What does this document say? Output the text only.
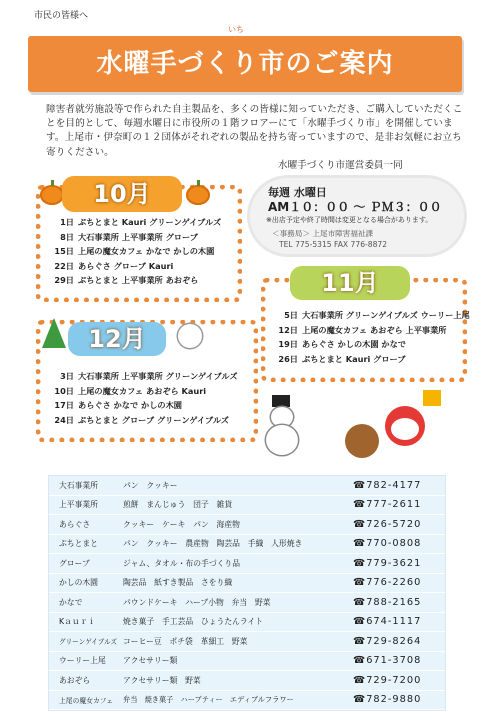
市民の皆様へ
いち
水曜手づくり市のご案内
障害者就労施設等で作られた自主製品を、多くの皆様に知っていただき、ご購入していただくことを目的として、毎週水曜日に市役所の１階フロアーにて「水曜手づくり市」を開催しています。上尾市・伊奈町の１２団体がそれぞれの製品を持ち寄っていますので、是非お気軽にお立ち寄りください。
水曜手づくり市運営委員一同
毎週 水曜日
AM１０：００ ～ ＰＭ３：００
※出店予定や終了時間は変更となる場合があります。
＜事務局＞ 上尾市障害福祉課
TEL 775-5315 FAX 776-8872
10月
1日 ぷちとまと Kauri グリーンゲイブルズ
8日 大石事業所 上平事業所 グローブ
15日 上尾の魔女カフェ かなで かしの木園
22日 あらぐさ グローブ Kauri
29日 ぷちとまと 上平事業所 あおぞら	11月
5日 大石事業所 グリーンゲイブルズ ウーリー上尾
12日 上尾の魔女カフェ あおぞら 上平事業所
19日 あらぐさ かしの木園 かなで
26日 ぷちとまと Kauri グローブ
12月
3日 大石事業所 上平事業所 グリーンゲイブルズ
10日 上尾の魔女カフェ あおぞら Kauri
17日 あらぐさ かなで かしの木園
24日 ぷちとまと グローブ グリーンゲイブルズ
大石事業所	パン　クッキー	☎782-4177
上平事業所	煎餅　まんじゅう　団子　雑貨	☎777-2611
あらぐさ	クッキー　ケーキ　パン　海産物	☎726-5720
ぷちとまと	パン　クッキー　農産物　陶芸品　手織　人形焼き	☎770-0808
グローブ	ジャム、タオル・布の手づくり品	☎779-3621
かしの木園	陶芸品　紙すき製品　さをり織	☎776-2260
かなで	パウンドケーキ　ハーブ小物　弁当　野菜	☎788-2165
Kａｕｒｉ	焼き菓子　手工芸品　ひょうたんライト	☎674-1117
グリーンゲイブルズ コーヒー豆　ポチ袋　革細工　野菜	☎729-8264
ウーリー上尾	アクセサリー類	☎671-3708
あおぞら	アクセサリー類　野菜	☎729-7200
上尾の魔女カフェ	弁当　焼き菓子　ハーブティー　エディブルフラワー	☎782-9880
